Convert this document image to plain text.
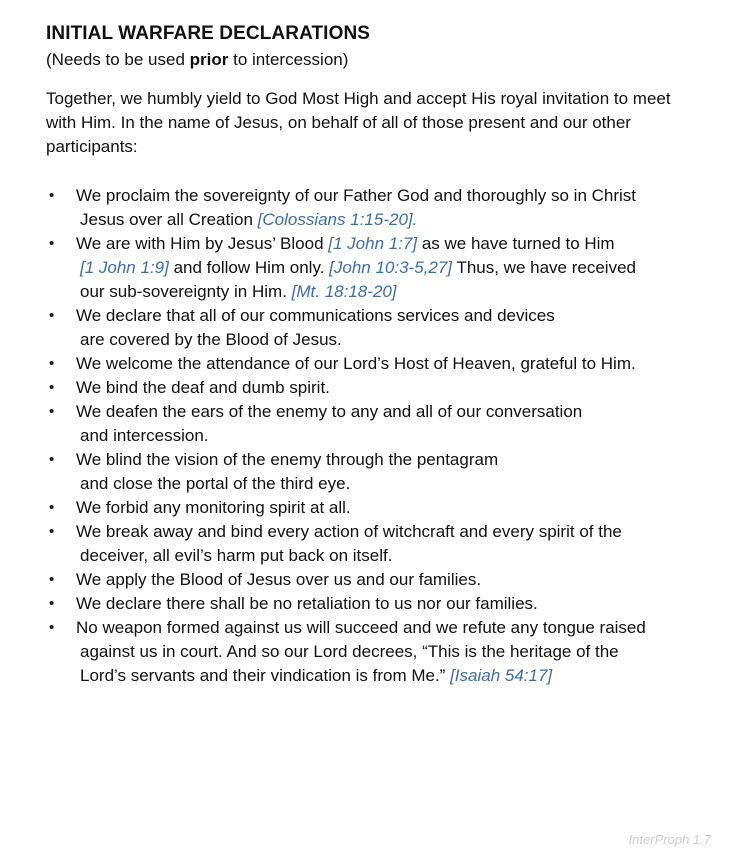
INITIAL WARFARE DECLARATIONS

(Needs to be used prior to intercession)

Together, we humbly yield to God Most High and accept His royal invitation to meet with Him. In the name of Jesus, on behalf of all of those present and our other participants:

• We proclaim the sovereignty of our Father God and thoroughly so in Christ
Jesus over all Creation [Colossians 1:15-20].
• We are with Him by Jesus’ Blood [1 John 1:7] as we have turned to Him
[1 John 1:9] and follow Him only. [John 10:3-5,27] Thus, we have received
our sub-sovereignty in Him. [Mt. 18:18-20]
• We declare that all of our communications services and devices
are covered by the Blood of Jesus.
• We welcome the attendance of our Lord’s Host of Heaven, grateful to Him.
• We bind the deaf and dumb spirit.
• We deafen the ears of the enemy to any and all of our conversation
and intercession.
• We blind the vision of the enemy through the pentagram
and close the portal of the third eye.
• We forbid any monitoring spirit at all.
• We break away and bind every action of witchcraft and every spirit of the
deceiver, all evil’s harm put back on itself.
• We apply the Blood of Jesus over us and our families.
• We declare there shall be no retaliation to us nor our families.
• No weapon formed against us will succeed and we refute any tongue raised
against us in court. And so our Lord decrees, “This is the heritage of the
Lord’s servants and their vindication is from Me.” [Isaiah 54:17]
InterProph 1.7
